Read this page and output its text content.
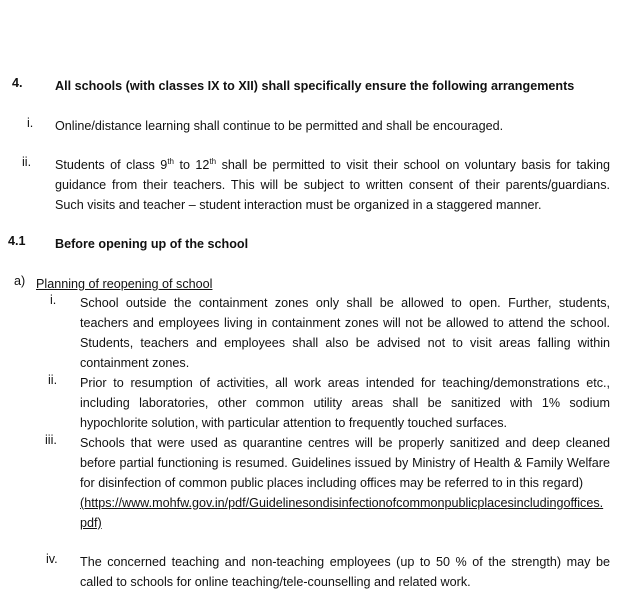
4.	All schools (with classes IX to XII) shall specifically ensure the following arrangements
i. Online/distance learning shall continue to be permitted and shall be encouraged.
ii. Students of class 9th to 12th shall be permitted to visit their school on voluntary basis for taking guidance from their teachers. This will be subject to written consent of their parents/guardians. Such visits and teacher – student interaction must be organized in a staggered manner.
4.1 Before opening up of the school
a) Planning of reopening of school
i. School outside the containment zones only shall be allowed to open. Further, students, teachers and employees living in containment zones will not be allowed to attend the school. Students, teachers and employees shall also be advised not to visit areas falling within containment zones.
ii. Prior to resumption of activities, all work areas intended for teaching/demonstrations etc., including laboratories, other common utility areas shall be sanitized with 1% sodium hypochlorite solution, with particular attention to frequently touched surfaces.
iii. Schools that were used as quarantine centres will be properly sanitized and deep cleaned before partial functioning is resumed. Guidelines issued by Ministry of Health & Family Welfare for disinfection of common public places including offices may be referred to in this regard)
(https://www.mohfw.gov.in/pdf/Guidelinesondisinfectionofcommonpublicplacesincludingoffices.pdf)
iv. The concerned teaching and non-teaching employees (up to 50 % of the strength) may be called to schools for online teaching/tele-counselling and related work.
